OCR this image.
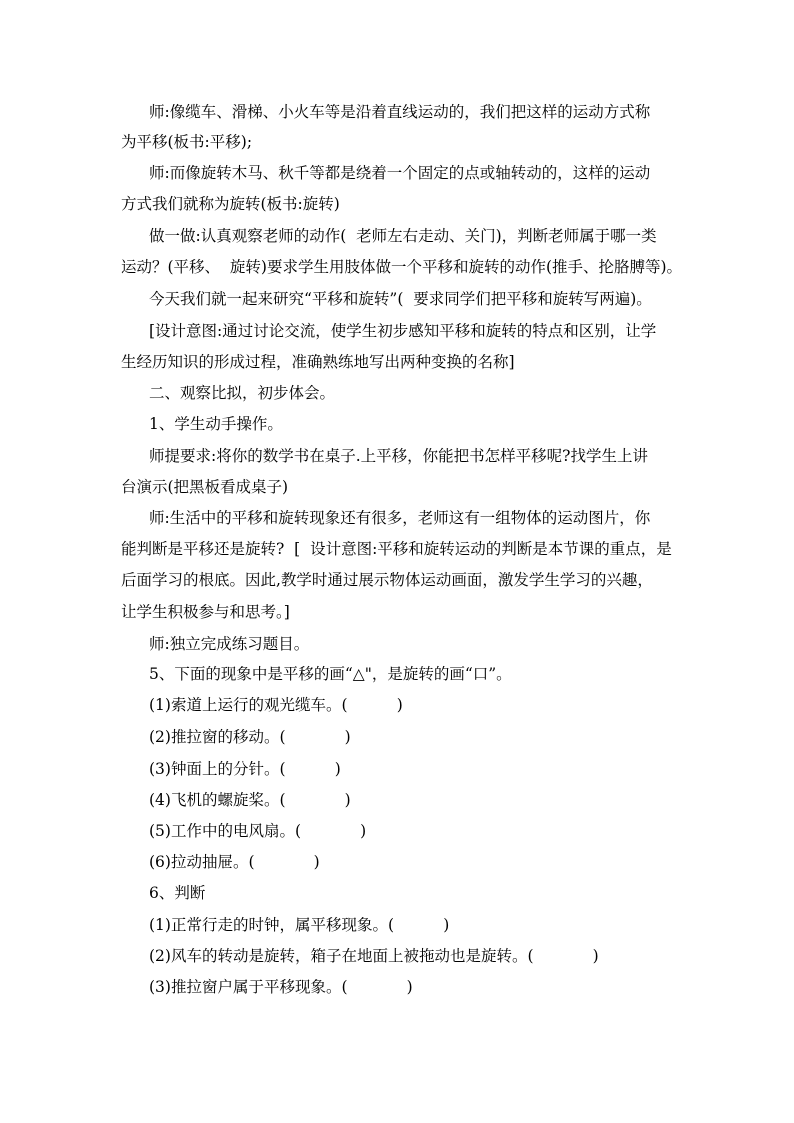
师:像缆车、滑梯、小火车等是沿着直线运动的，我们把这样的运动方式称
为平移(板书:平移);
师:而像旋转木马、秋千等都是绕着一个固定的点或轴转动的，这样的运动
方式我们就称为旋转(板书:旋转)
做一做:认真观察老师的动作(  老师左右走动、关门)，判断老师属于哪一类
运动？(平移、  旋转)要求学生用肢体做一个平移和旋转的动作(推手、抡胳膊等)。
今天我们就一起来研究“平移和旋转”(  要求同学们把平移和旋转写两遍)。
[设计意图:通过讨论交流，使学生初步感知平移和旋转的特点和区别，让学
生经历知识的形成过程，准确熟练地写出两种变换的名称]
二、观察比拟，初步体会。
1、学生动手操作。
师提要求:将你的数学书在桌子.上平移，你能把书怎样平移呢?找学生上讲
台演示(把黑板看成桌子)
师:生活中的平移和旋转现象还有很多，老师这有一组物体的运动图片，你
能判断是平移还是旋转?  [  设计意图:平移和旋转运动的判断是本节课的重点，是
后面学习的根底。因此,教学时通过展示物体运动画面，激发学生学习的兴趣，
让学生积极参与和思考。]
师:独立完成练习题目。
5、下面的现象中是平移的画“△"，是旋转的画“口”。
(1)索道上运行的观光缆车。(          )
(2)推拉窗的移动。(            )
(3)钟面上的分针。(          )
(4)飞机的螺旋桨。(            )
(5)工作中的电风扇。(            )
(6)拉动抽屉。(            )
6、判断
(1)正常行走的时钟，属平移现象。(          )
(2)风车的转动是旋转，箱子在地面上被拖动也是旋转。(            )
(3)推拉窗户属于平移现象。(            )
